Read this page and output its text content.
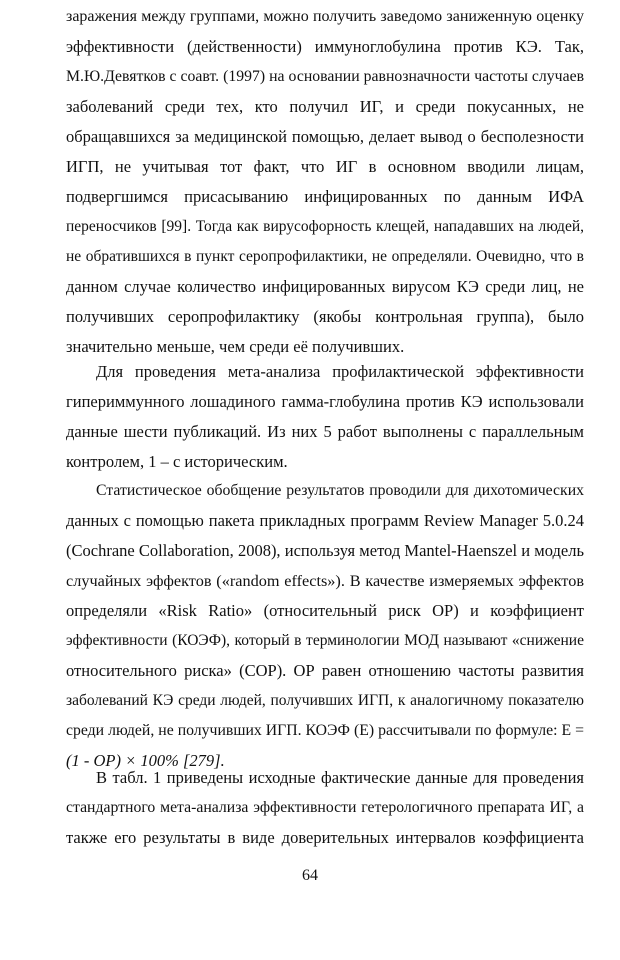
заражения между группами, можно получить заведомо заниженную оценку
эффективности (действенности) иммуноглобулина против КЭ. Так,
М.Ю.Девятков с соавт. (1997) на основании равнозначности частоты случаев
заболеваний среди тех, кто получил ИГ, и среди покусанных, не
обращавшихся за медицинской помощью, делает вывод о бесполезности
ИГП, не учитывая тот факт, что ИГ в основном вводили лицам,
подвергшимся присасыванию инфицированных по данным ИФА
переносчиков [99]. Тогда как вирусофорность клещей, нападавших на людей,
не обратившихся в пункт серопрофилактики, не определяли. Очевидно, что в
данном случае количество инфицированных вирусом КЭ среди лиц, не
получивших серопрофилактику (якобы контрольная группа), было
значительно меньше, чем среди её получивших.
Для проведения мета-анализа профилактической эффективности
гипериммунного лошадиного гамма-глобулина против КЭ использовали
данные шести публикаций. Из них 5 работ выполнены с параллельным
контролем, 1 – с историческим.
Статистическое обобщение результатов проводили для дихотомических
данных с помощью пакета прикладных программ Review Manager 5.0.24
(Cochrane Collaboration, 2008), используя метод Mantel-Haenszel и модель
случайных эффектов («random effects»). В качестве измеряемых эффектов
определяли «Risk Ratio» (относительный риск ОР) и коэффициент
эффективности (КОЭФ), который в терминологии МОД называют «снижение
относительного риска» (СОР). ОР равен отношению частоты развития
заболеваний КЭ среди людей, получивших ИГП, к аналогичному показателю
среди людей, не получивших ИГП. КОЭФ (E) рассчитывали по формуле: E =
(1 - ОР) × 100% [279].
В табл. 1 приведены исходные фактические данные для проведения
стандартного мета-анализа эффективности гетерологичного препарата ИГ, а
также его результаты в виде доверительных интервалов коэффициента
64
